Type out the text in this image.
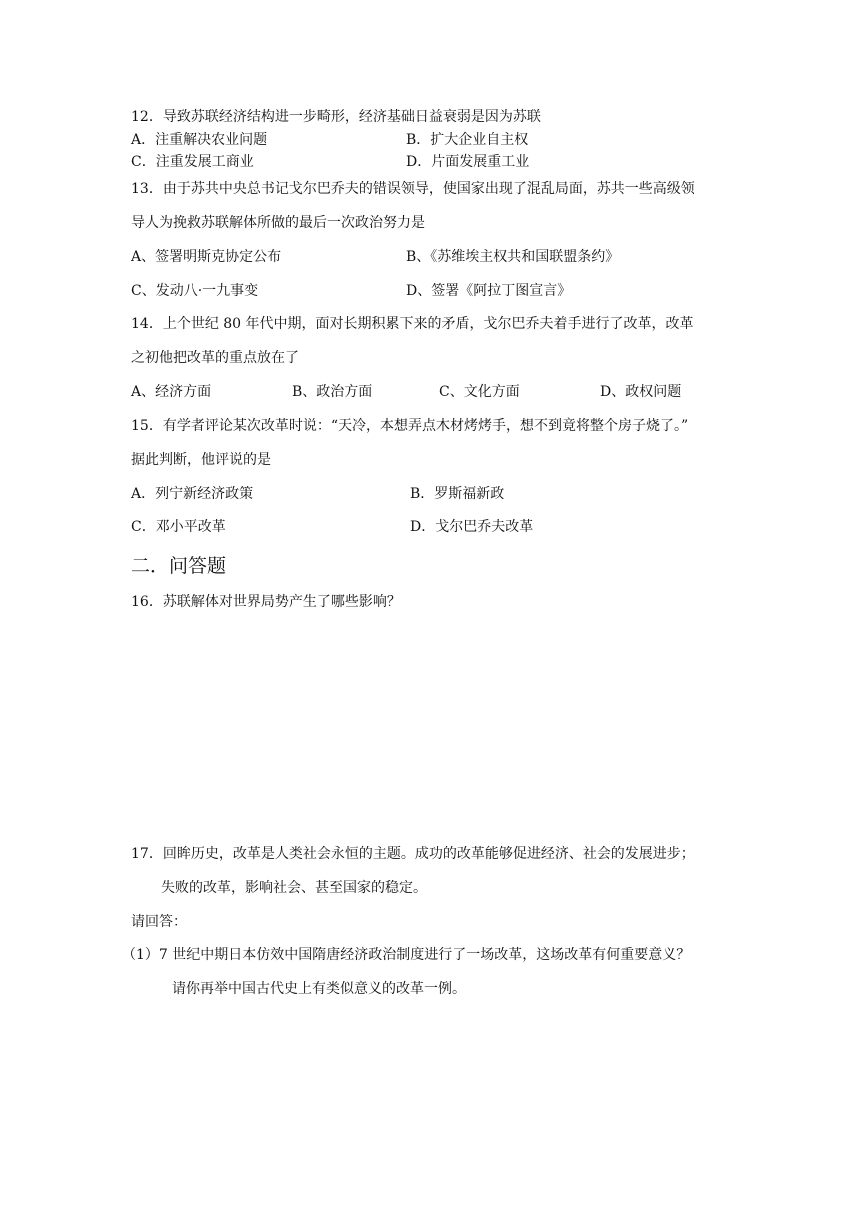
12．导致苏联经济结构进一步畸形，经济基础日益衰弱是因为苏联
A．注重解决农业问题	B．扩大企业自主权
C．注重发展工商业	D．片面发展重工业
13．由于苏共中央总书记戈尔巴乔夫的错误领导，使国家出现了混乱局面，苏共一些高级领
导人为挽救苏联解体所做的最后一次政治努力是
A、签署明斯克协定公布	B、《苏维埃主权共和国联盟条约》
C、发动八·一九事变	D、签署《阿拉丁图宣言》
14．上个世纪 80 年代中期，面对长期积累下来的矛盾，戈尔巴乔夫着手进行了改革，改革
之初他把改革的重点放在了
A、经济方面	B、政治方面	C、文化方面	D、政权问题
15．有学者评论某次改革时说：“天冷，本想弄点木材烤烤手，想不到竟将整个房子烧了。”
据此判断，他评说的是
A．列宁新经济政策	B．罗斯福新政
C．邓小平改革	D．戈尔巴乔夫改革
二．问答题
16．苏联解体对世界局势产生了哪些影响？
17．回眸历史，改革是人类社会永恒的主题。成功的改革能够促进经济、社会的发展进步；
失败的改革，影响社会、甚至国家的稳定。
请回答：
（1）7 世纪中期日本仿效中国隋唐经济政治制度进行了一场改革，这场改革有何重要意义？
请你再举中国古代史上有类似意义的改革一例。
